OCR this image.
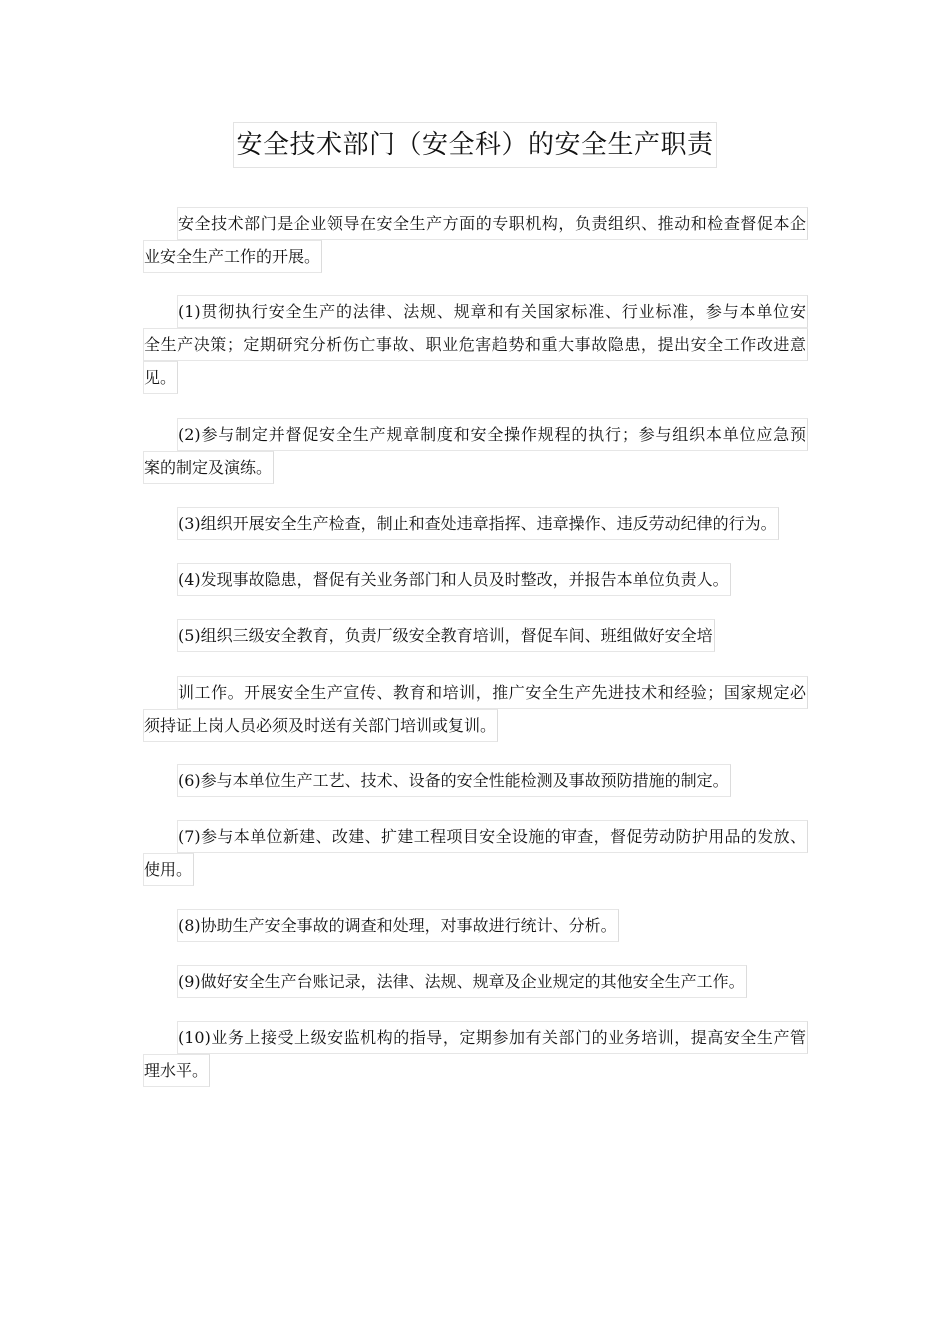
安全技术部门（安全科）的安全生产职责

安全技术部门是企业领导在安全生产方面的专职机构，负责组织、推动和检查督促本企
业安全生产工作的开展。

(1)贯彻执行安全生产的法律、法规、规章和有关国家标准、行业标准，参与本单位安
全生产决策；定期研究分析伤亡事故、职业危害趋势和重大事故隐患，提出安全工作改进意
见。

(2)参与制定并督促安全生产规章制度和安全操作规程的执行；参与组织本单位应急预
案的制定及演练。

(3)组织开展安全生产检查，制止和查处违章指挥、违章操作、违反劳动纪律的行为。

(4)发现事故隐患，督促有关业务部门和人员及时整改，并报告本单位负责人。

(5)组织三级安全教育，负责厂级安全教育培训，督促车间、班组做好安全培

训工作。开展安全生产宣传、教育和培训，推广安全生产先进技术和经验；国家规定必
须持证上岗人员必须及时送有关部门培训或复训。

(6)参与本单位生产工艺、技术、设备的安全性能检测及事故预防措施的制定。

(7)参与本单位新建、改建、扩建工程项目安全设施的审查，督促劳动防护用品的发放、
使用。

(8)协助生产安全事故的调查和处理，对事故进行统计、分析。

(9)做好安全生产台账记录，法律、法规、规章及企业规定的其他安全生产工作。

(10)业务上接受上级安监机构的指导，定期参加有关部门的业务培训，提高安全生产管
理水平。
